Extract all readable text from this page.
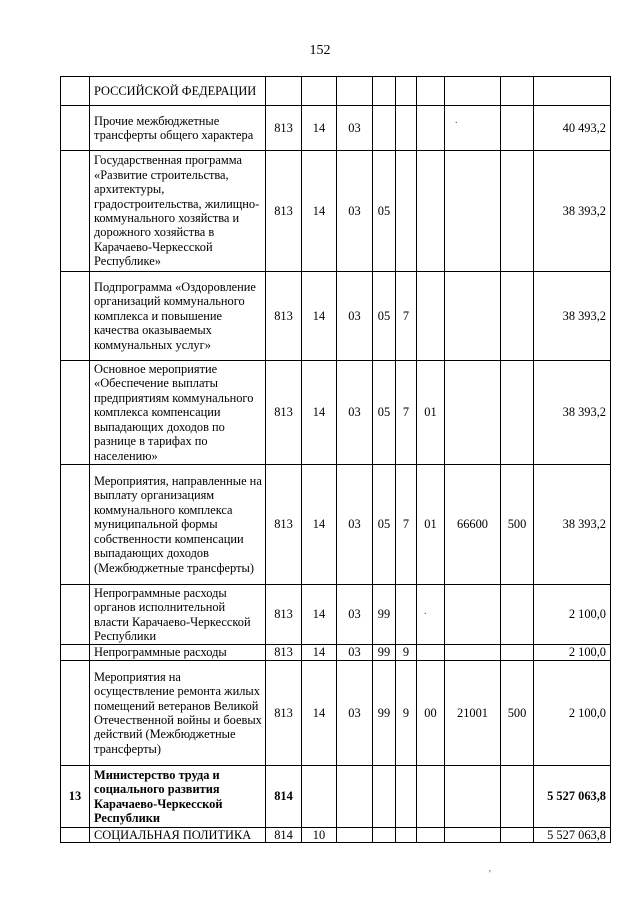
152
	РОССИЙСКОЙ ФЕДЕРАЦИИ									
	Прочие межбюджетные трансферты общего характера	813	14	03						40 493,2
	Государственная программа «Развитие строительства, архитектуры, градостроительства, жилищно-коммунального хозяйства и дорожного хозяйства в Карачаево-Черкесской Республике»	813	14	03	05					38 393,2
	Подпрограмма «Оздоровление организаций коммунального комплекса и повышение качества оказываемых коммунальных услуг»	813	14	03	05	7				38 393,2
	Основное мероприятие «Обеспечение выплаты предприятиям коммунального комплекса компенсации выпадающих доходов по разнице в тарифах по населению»	813	14	03	05	7	01			38 393,2
	Мероприятия, направленные на выплату организациям коммунального комплекса муниципальной формы собственности компенсации выпадающих доходов (Межбюджетные трансферты)	813	14	03	05	7	01	66600	500	38 393,2
	Непрограммные расходы органов исполнительной власти Карачаево-Черкесской Республики	813	14	03	99					2 100,0
	Непрограммные расходы	813	14	03	99	9				2 100,0
	Мероприятия на осуществление ремонта жилых помещений ветеранов Великой Отечественной войны и боевых действий (Межбюджетные трансферты)	813	14	03	99	9	00	21001	500	2 100,0
13	Министерство труда и социального развития Карачаево-Черкесской Республики	814								5 527 063,8
	СОЦИАЛЬНАЯ ПОЛИТИКА	814	10							5 527 063,8
.
.
'
